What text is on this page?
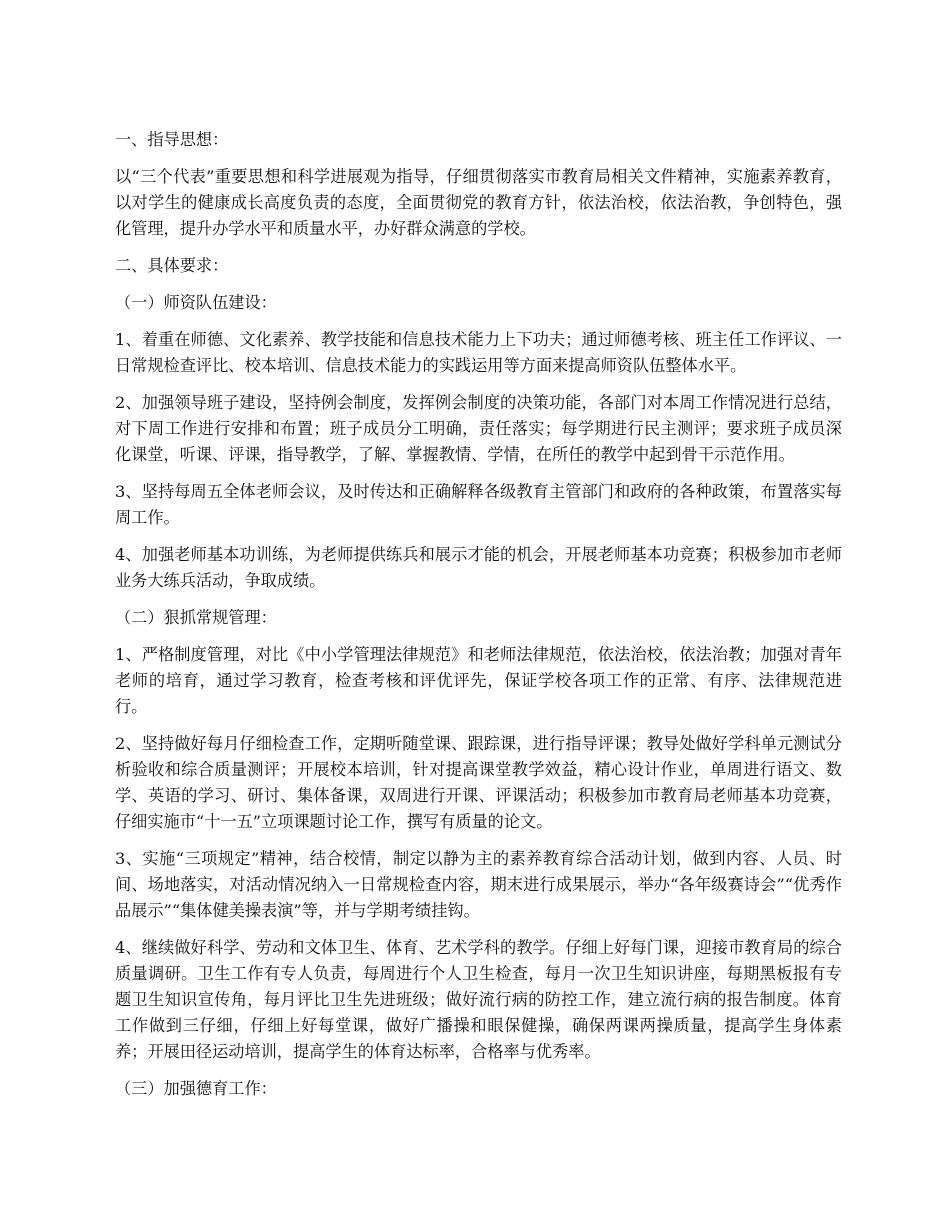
一、指导思想：

以“三个代表”重要思想和科学进展观为指导，仔细贯彻落实市教育局相关文件精神，实施素养教育，以对学生的健康成长高度负责的态度，全面贯彻党的教育方针，依法治校，依法治教，争创特色，强化管理，提升办学水平和质量水平，办好群众满意的学校。

二、具体要求：
（一）师资队伍建设：

1、着重在师德、文化素养、教学技能和信息技术能力上下功夫；通过师德考核、班主任工作评议、一日常规检查评比、校本培训、信息技术能力的实践运用等方面来提高师资队伍整体水平。

2、加强领导班子建设，坚持例会制度，发挥例会制度的决策功能，各部门对本周工作情况进行总结，对下周工作进行安排和布置；班子成员分工明确，责任落实；每学期进行民主测评；要求班子成员深化课堂，听课、评课，指导教学，了解、掌握教情、学情，在所任的教学中起到骨干示范作用。

3、坚持每周五全体老师会议，及时传达和正确解释各级教育主管部门和政府的各种政策，布置落实每周工作。

4、加强老师基本功训练，为老师提供练兵和展示才能的机会，开展老师基本功竞赛；积极参加市老师业务大练兵活动，争取成绩。

（二）狠抓常规管理：

1、严格制度管理，对比《中小学管理法律规范》和老师法律规范，依法治校，依法治教；加强对青年老师的培育，通过学习教育，检查考核和评优评先，保证学校各项工作的正常、有序、法律规范进行。

2、坚持做好每月仔细检查工作，定期听随堂课、跟踪课，进行指导评课；教导处做好学科单元测试分析验收和综合质量测评；开展校本培训，针对提高课堂教学效益，精心设计作业，单周进行语文、数学、英语的学习、研讨、集体备课，双周进行开课、评课活动；积极参加市教育局老师基本功竞赛，仔细实施市“十一五”立项课题讨论工作，撰写有质量的论文。

3、实施“三项规定”精神，结合校情，制定以静为主的素养教育综合活动计划，做到内容、人员、时间、场地落实，对活动情况纳入一日常规检查内容，期末进行成果展示，举办“各年级赛诗会”“优秀作品展示”“集体健美操表演”等，并与学期考绩挂钩。

4、继续做好科学、劳动和文体卫生、体育、艺术学科的教学。仔细上好每门课，迎接市教育局的综合质量调研。卫生工作有专人负责，每周进行个人卫生检查，每月一次卫生知识讲座，每期黑板报有专题卫生知识宣传角，每月评比卫生先进班级；做好流行病的防控工作，建立流行病的报告制度。体育工作做到三仔细，仔细上好每堂课，做好广播操和眼保健操，确保两课两操质量，提高学生身体素养；开展田径运动培训，提高学生的体育达标率，合格率与优秀率。

（三）加强德育工作：
